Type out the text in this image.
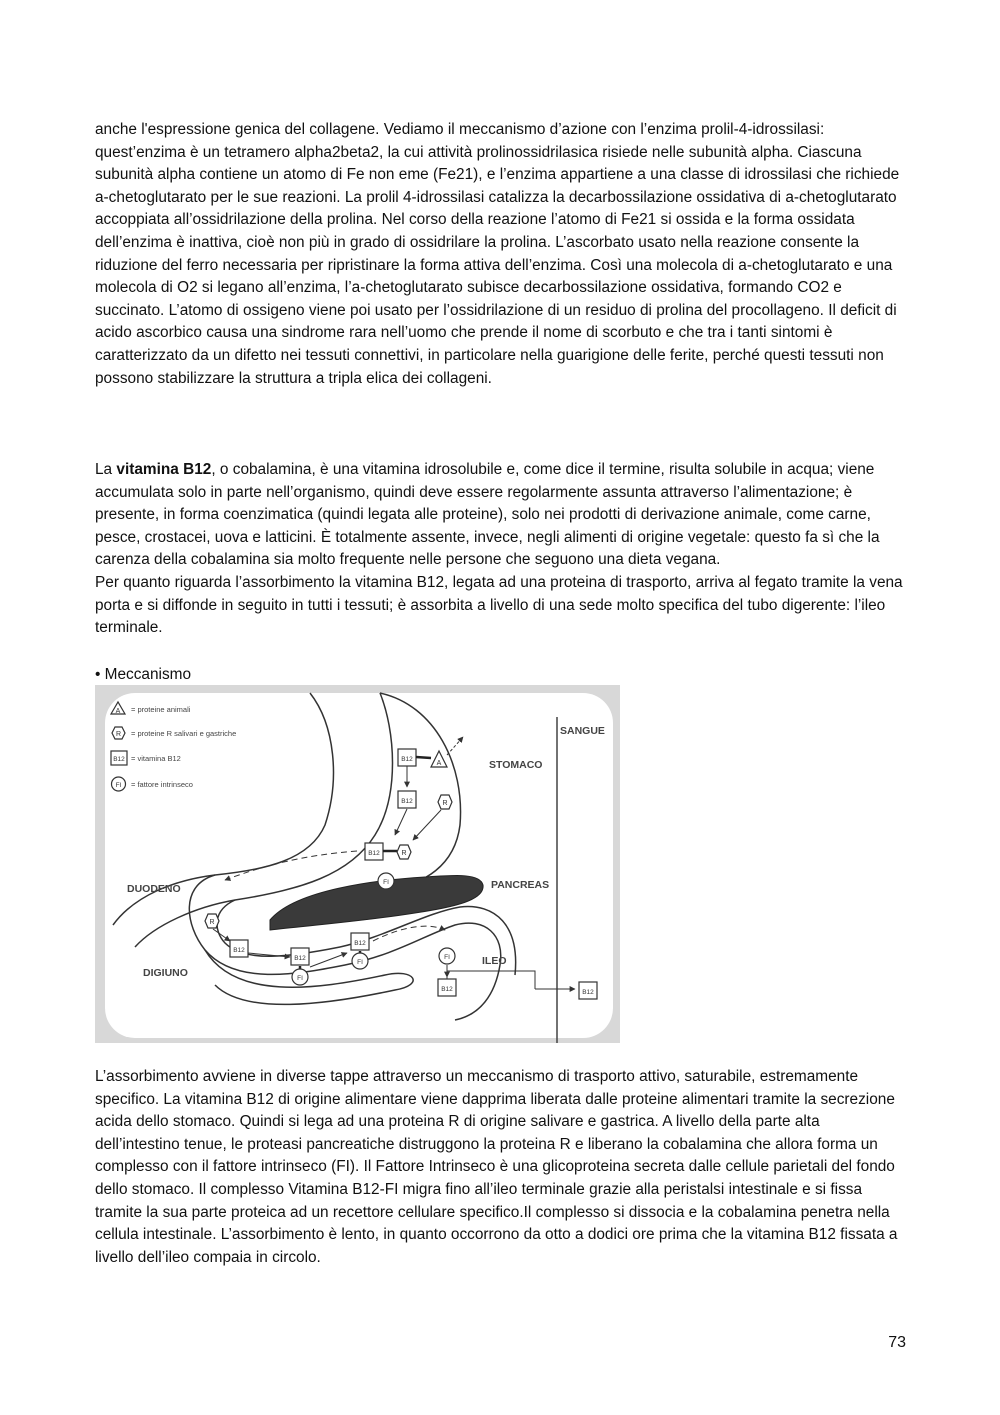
anche l'espressione genica del collagene. Vediamo il meccanismo d’azione con l’enzima prolil-4-idrossilasi: quest’enzima è un tetramero alpha2beta2, la cui attività prolinossidrilasica risiede nelle subunità alpha. Ciascuna subunità alpha contiene un atomo di Fe non eme (Fe21), e l’enzima appartiene a una classe di idrossilasi che richiede a-chetoglutarato per le sue reazioni. La prolil 4-idrossilasi catalizza la decarbossilazione ossidativa di a-chetoglutarato accoppiata all’ossidrilazione della prolina. Nel corso della reazione l’atomo di Fe21 si ossida e la forma ossidata dell’enzima è inattiva, cioè non più in grado di ossidrilare la prolina. L’ascorbato usato nella reazione consente la riduzione del ferro necessaria per ripristinare la forma attiva dell’enzima. Così una molecola di a-chetoglutarato e una molecola di O2 si legano all’enzima, l’a-chetoglutarato subisce decarbossilazione ossidativa, formando CO2 e succinato. L’atomo di ossigeno viene poi usato per l’ossidrilazione di un residuo di prolina del procollageno. Il deficit di acido ascorbico causa una sindrome rara nell’uomo che prende il nome di scorbuto e che tra i tanti sintomi è caratterizzato da un difetto nei tessuti connettivi, in particolare nella guarigione delle ferite, perché questi tessuti non possono stabilizzare la struttura a tripla elica dei collageni.

La vitamina B12, o cobalamina, è una vitamina idrosolubile e, come dice il termine, risulta solubile in acqua; viene accumulata solo in parte nell’organismo, quindi deve essere regolarmente assunta attraverso l’alimentazione; è presente, in forma coenzimatica (quindi legata alle proteine), solo nei prodotti di derivazione animale, come carne, pesce, crostacei, uova e latticini. È totalmente assente, invece, negli alimenti di origine vegetale: questo fa sì che la carenza della cobalamina sia molto frequente nelle persone che seguono una dieta vegana.

Per quanto riguarda l’assorbimento la vitamina B12, legata ad una proteina di trasporto, arriva al fegato tramite la vena porta e si diffonde in seguito in tutti i tessuti; è assorbita a livello di una sede molto specifica del tubo digerente: l’ileo terminale.

• Meccanismo

A = proteine animali
R = proteine R salivari e gastriche
B12 = vitamina B12
FI = fattore intrinseco
SANGUE
STOMACO
PANCREAS
DUODENO
DIGIUNO
ILEO
B12
A
B12	R
B12	R
FI
R
B12
B12
FI
B12
FI
FI
B12	B12

L’assorbimento avviene in diverse tappe attraverso un meccanismo di trasporto attivo, saturabile, estremamente specifico. La vitamina B12 di origine alimentare viene dapprima liberata dalle proteine alimentari tramite la secrezione acida dello stomaco. Quindi si lega ad una proteina R di origine salivare e gastrica. A livello della parte alta dell’intestino tenue, le proteasi pancreatiche distruggono la proteina R e liberano la cobalamina che allora forma un complesso con il fattore intrinseco (FI). Il Fattore Intrinseco è una glicoproteina secreta dalle cellule parietali del fondo dello stomaco. Il complesso Vitamina B12-FI migra fino all’ileo terminale grazie alla peristalsi intestinale e si fissa tramite la sua parte proteica ad un recettore cellulare specifico.Il complesso si dissocia e la cobalamina penetra nella cellula intestinale. L’assorbimento è lento, in quanto occorrono da otto a dodici ore prima che la vitamina B12 fissata a livello dell’ileo compaia in circolo.

73
